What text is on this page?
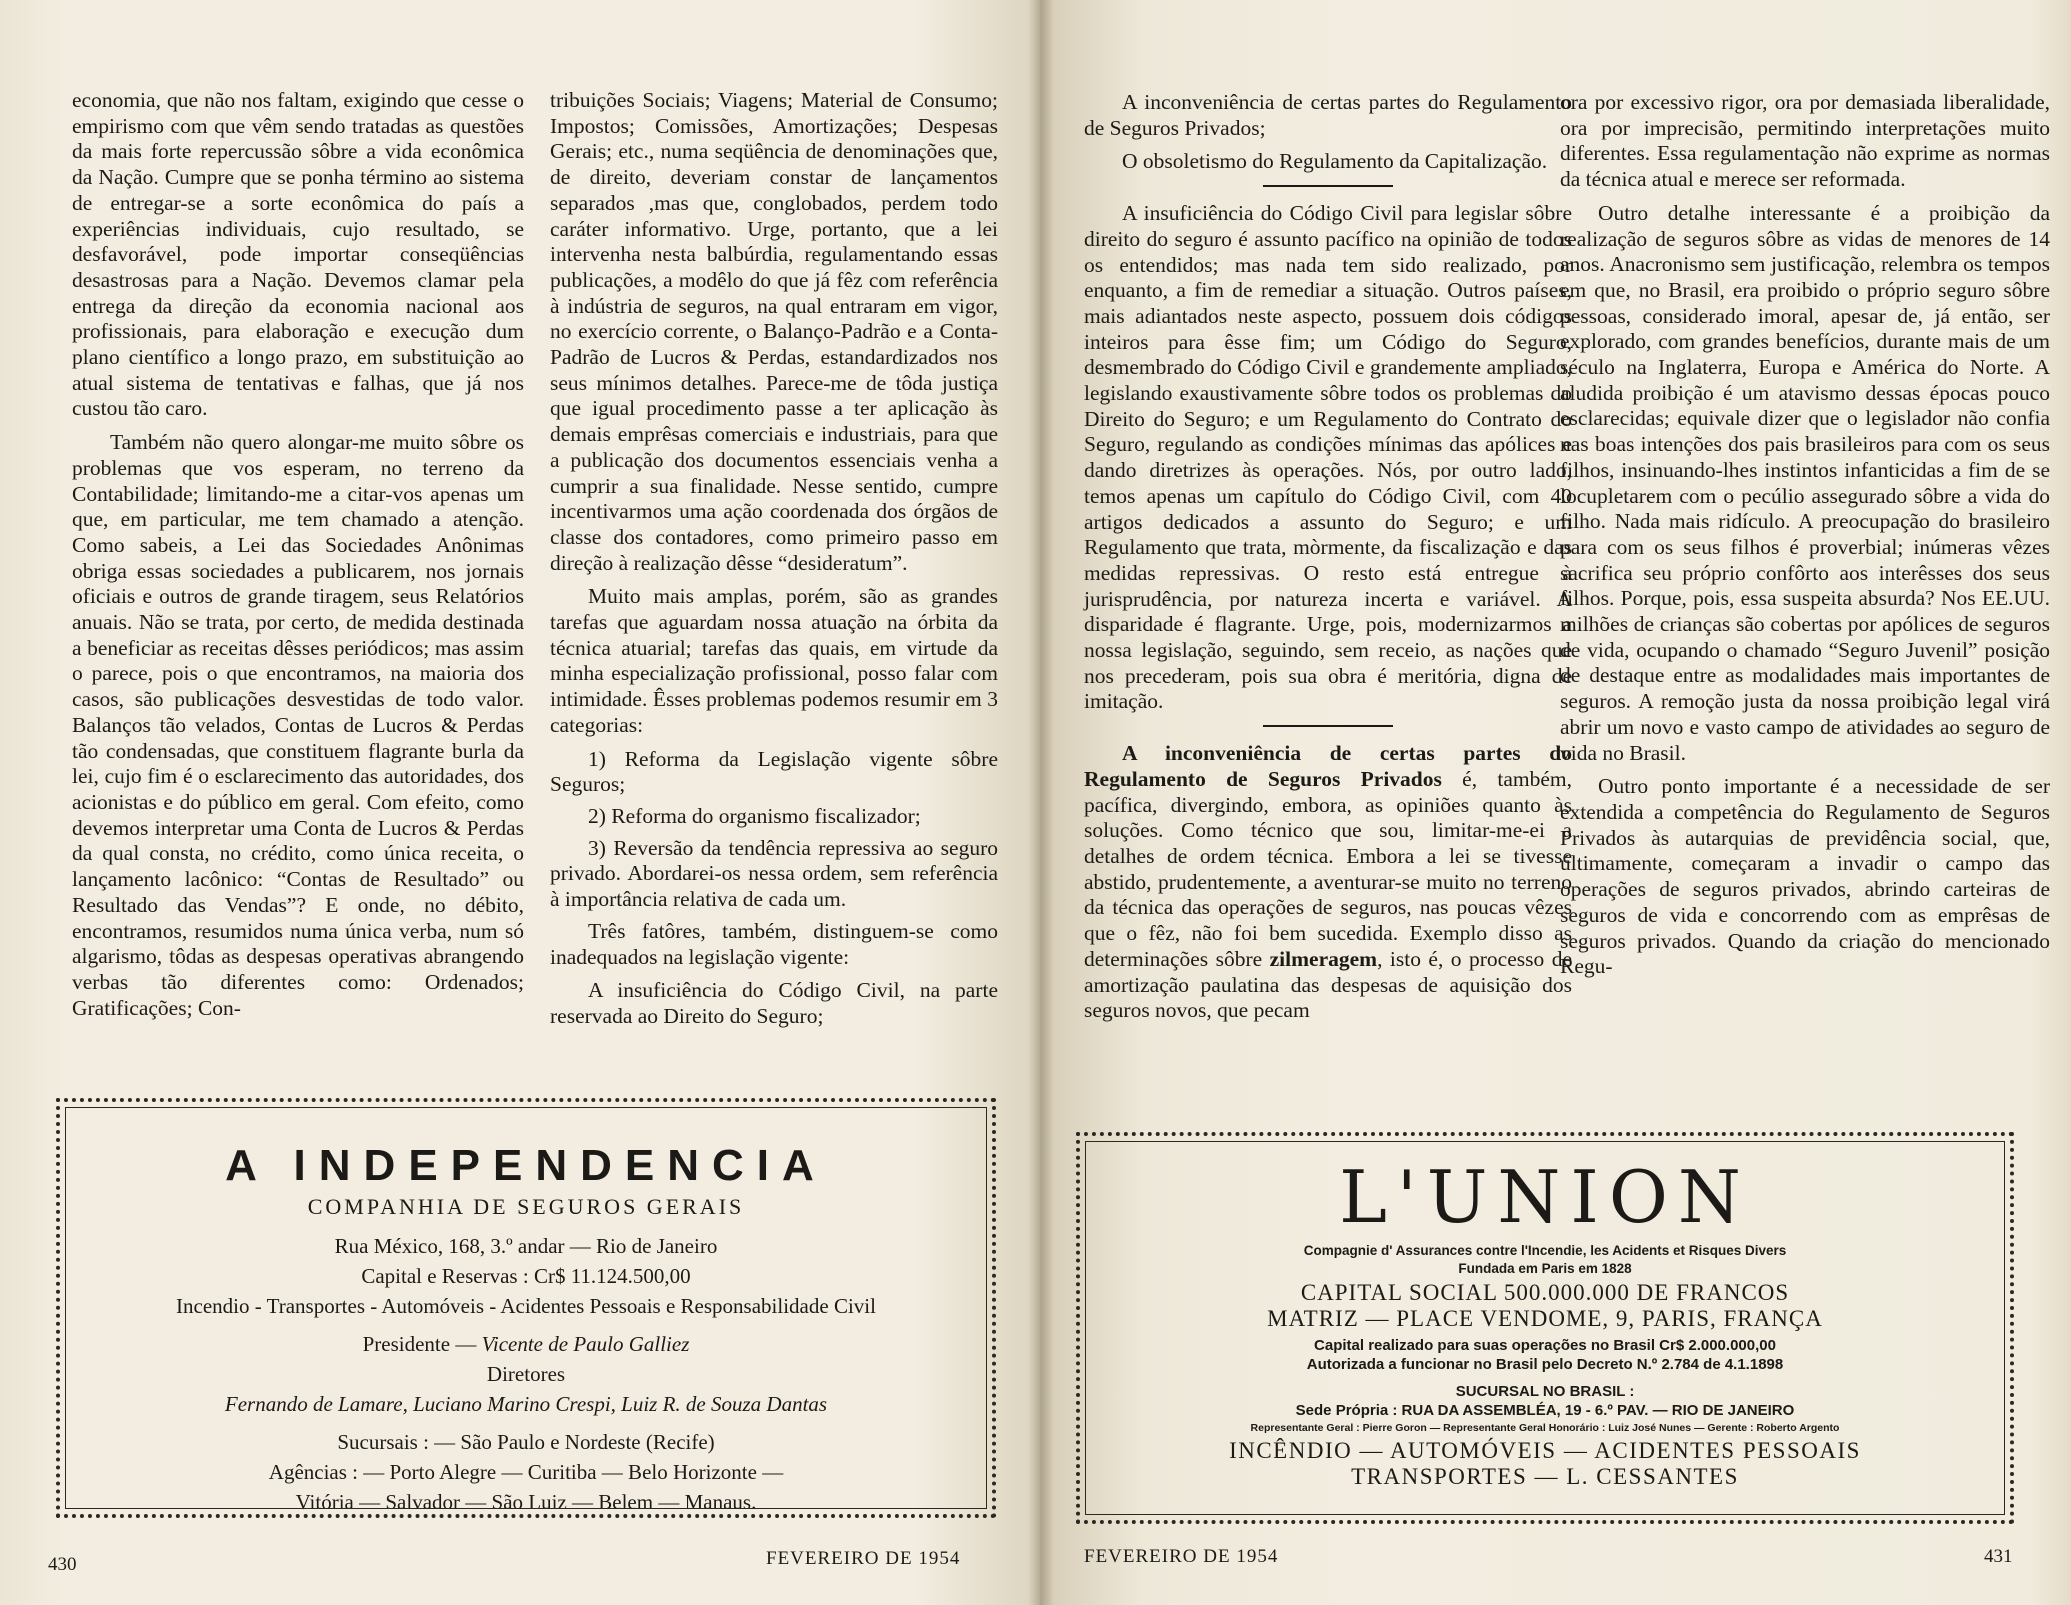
economia, que não nos faltam, exigindo que cesse o empirismo com que vêm sendo tratadas as questões da mais forte repercussão sôbre a vida econômica da Nação. Cumpre que se ponha término ao sistema de entregar-se a sorte econômica do país a experiências individuais, cujo resultado, se desfavorável, pode importar conseqüências desastrosas para a Nação. Devemos clamar pela entrega da direção da economia nacional aos profissionais, para elaboração e execução dum plano científico a longo prazo, em substituição ao atual sistema de tentativas e falhas, que já nos custou tão caro.

Também não quero alongar-me muito sôbre os problemas que vos esperam, no terreno da Contabilidade; limitando-me a citar-vos apenas um que, em particular, me tem chamado a atenção. Como sabeis, a Lei das Sociedades Anônimas obriga essas sociedades a publicarem, nos jornais oficiais e outros de grande tiragem, seus Relatórios anuais. Não se trata, por certo, de medida destinada a beneficiar as receitas dêsses periódicos; mas assim o parece, pois o que encontramos, na maioria dos casos, são publicações desvestidas de todo valor. Balanços tão velados, Contas de Lucros & Perdas tão condensadas, que constituem flagrante burla da lei, cujo fim é o esclarecimento das autoridades, dos acionistas e do público em geral. Com efeito, como devemos interpretar uma Conta de Lucros & Perdas da qual consta, no crédito, como única receita, o lançamento lacônico: “Contas de Resultado” ou Resultado das Vendas”? E onde, no débito, encontramos, resumidos numa única verba, num só algarismo, tôdas as despesas operativas abrangendo verbas tão diferentes como: Ordenados; Gratificações; Con-

tribuições Sociais; Viagens; Material de Consumo; Impostos; Comissões, Amortizações; Despesas Gerais; etc., numa seqüência de denominações que, de direito, deveriam constar de lançamentos separados ,mas que, conglobados, perdem todo caráter informativo. Urge, portanto, que a lei intervenha nesta balbúrdia, regulamentando essas publicações, a modêlo do que já fêz com referência à indústria de seguros, na qual entraram em vigor, no exercício corrente, o Balanço-Padrão e a Conta-Padrão de Lucros & Perdas, estandardizados nos seus mínimos detalhes. Parece-me de tôda justiça que igual procedimento passe a ter aplicação às demais emprêsas comerciais e industriais, para que a publicação dos documentos essenciais venha a cumprir a sua finalidade. Nesse sentido, cumpre incentivarmos uma ação coordenada dos órgãos de classe dos contadores, como primeiro passo em direção à realização dêsse “desideratum”.

Muito mais amplas, porém, são as grandes tarefas que aguardam nossa atuação na órbita da técnica atuarial; tarefas das quais, em virtude da minha especialização profissional, posso falar com intimidade. Êsses problemas podemos resumir em 3 categorias:

1) Reforma da Legislação vigente sôbre Seguros;

2) Reforma do organismo fiscalizador;

3) Reversão da tendência repressiva ao seguro privado. Abordarei-os nessa ordem, sem referência à importância relativa de cada um.

Três fatôres, também, distinguem-se como inadequados na legislação vigente:

A insuficiência do Código Civil, na parte reservada ao Direito do Seguro;

A INDEPENDENCIA
COMPANHIA DE SEGUROS GERAIS
Rua México, 168, 3.º andar — Rio de Janeiro
Capital e Reservas : Cr$ 11.124.500,00
Incendio - Transportes - Automóveis - Acidentes Pessoais e Responsabilidade Civil
Presidente — Vicente de Paulo Galliez
Diretores
Fernando de Lamare, Luciano Marino Crespi, Luiz R. de Souza Dantas
Sucursais : — São Paulo e Nordeste (Recife)
Agências : — Porto Alegre — Curitiba — Belo Horizonte —
Vitória — Salvador — São Luiz — Belem — Manaus.
430	FEVEREIRO DE 1954

A inconveniência de certas partes do Regulamento de Seguros Privados;

O obsoletismo do Regulamento da Capitalização.

A insuficiência do Código Civil para legislar sôbre direito do seguro é assunto pacífico na opinião de todos os entendidos; mas nada tem sido realizado, por enquanto, a fim de remediar a situação. Outros países, mais adiantados neste aspecto, possuem dois códigos inteiros para êsse fim; um Código do Seguro, desmembrado do Código Civil e grandemente ampliado, legislando exaustivamente sôbre todos os problemas do Direito do Seguro; e um Regulamento do Contrato do Seguro, regulando as condições mínimas das apólices e dando diretrizes às operações. Nós, por outro lado, temos apenas um capítulo do Código Civil, com 40 artigos dedicados a assunto do Seguro; e um Regulamento que trata, mòrmente, da fiscalização e das medidas repressivas. O resto está entregue à jurisprudência, por natureza incerta e variável. A disparidade é flagrante. Urge, pois, modernizarmos a nossa legislação, seguindo, sem receio, as nações que nos precederam, pois sua obra é meritória, digna de imitação.

A inconveniência de certas partes do Regulamento de Seguros Privados é, também, pacífica, divergindo, embora, as opiniões quanto às soluções. Como técnico que sou, limitar-me-ei a detalhes de ordem técnica. Embora a lei se tivesse abstido, prudentemente, a aventurar-se muito no terreno da técnica das operações de seguros, nas poucas vêzes que o fêz, não foi bem sucedida. Exemplo disso as determinações sôbre zilmeragem, isto é, o processo de amortização paulatina das despesas de aquisição dos seguros novos, que pecam

ora por excessivo rigor, ora por demasiada liberalidade, ora por imprecisão, permitindo interpretações muito diferentes. Essa regulamentação não exprime as normas da técnica atual e merece ser reformada.

Outro detalhe interessante é a proibição da realização de seguros sôbre as vidas de menores de 14 anos. Anacronismo sem justificação, relembra os tempos em que, no Brasil, era proibido o próprio seguro sôbre pessoas, considerado imoral, apesar de, já então, ser explorado, com grandes benefícios, durante mais de um século na Inglaterra, Europa e América do Norte. A aludida proibição é um atavismo dessas épocas pouco esclarecidas; equivale dizer que o legislador não confia nas boas intenções dos pais brasileiros para com os seus filhos, insinuando-lhes instintos infanticidas a fim de se locupletarem com o pecúlio assegurado sôbre a vida do filho. Nada mais ridículo. A preocupação do brasileiro para com os seus filhos é proverbial; inúmeras vêzes sacrifica seu próprio confôrto aos interêsses dos seus filhos. Porque, pois, essa suspeita absurda? Nos EE.UU. milhões de crianças são cobertas por apólices de seguros de vida, ocupando o chamado “Seguro Juvenil” posição de destaque entre as modalidades mais importantes de seguros. A remoção justa da nossa proibição legal virá abrir um novo e vasto campo de atividades ao seguro de vida no Brasil.

Outro ponto importante é a necessidade de ser extendida a competência do Regulamento de Seguros Privados às autarquias de previdência social, que, últimamente, começaram a invadir o campo das operações de seguros privados, abrindo carteiras de seguros de vida e concorrendo com as emprêsas de seguros privados. Quando da criação do mencionado Regu-

L'UNION
Compagnie d' Assurances contre l'Incendie, les Acidents et Risques Divers
Fundada em Paris em 1828
CAPITAL SOCIAL 500.000.000 DE FRANCOS
MATRIZ — PLACE VENDOME, 9, PARIS, FRANÇA
Capital realizado para suas operações no Brasil Cr$ 2.000.000,00
Autorizada a funcionar no Brasil pelo Decreto N.º 2.784 de 4.1.1898
SUCURSAL NO BRASIL :
Sede Própria : RUA DA ASSEMBLÉA, 19 - 6.º PAV. — RIO DE JANEIRO
Representante Geral : Pierre Goron — Representante Geral Honorário : Luiz José Nunes — Gerente : Roberto Argento
INCÊNDIO — AUTOMÓVEIS — ACIDENTES PESSOAIS
TRANSPORTES — L. CESSANTES
FEVEREIRO DE 1954	431
